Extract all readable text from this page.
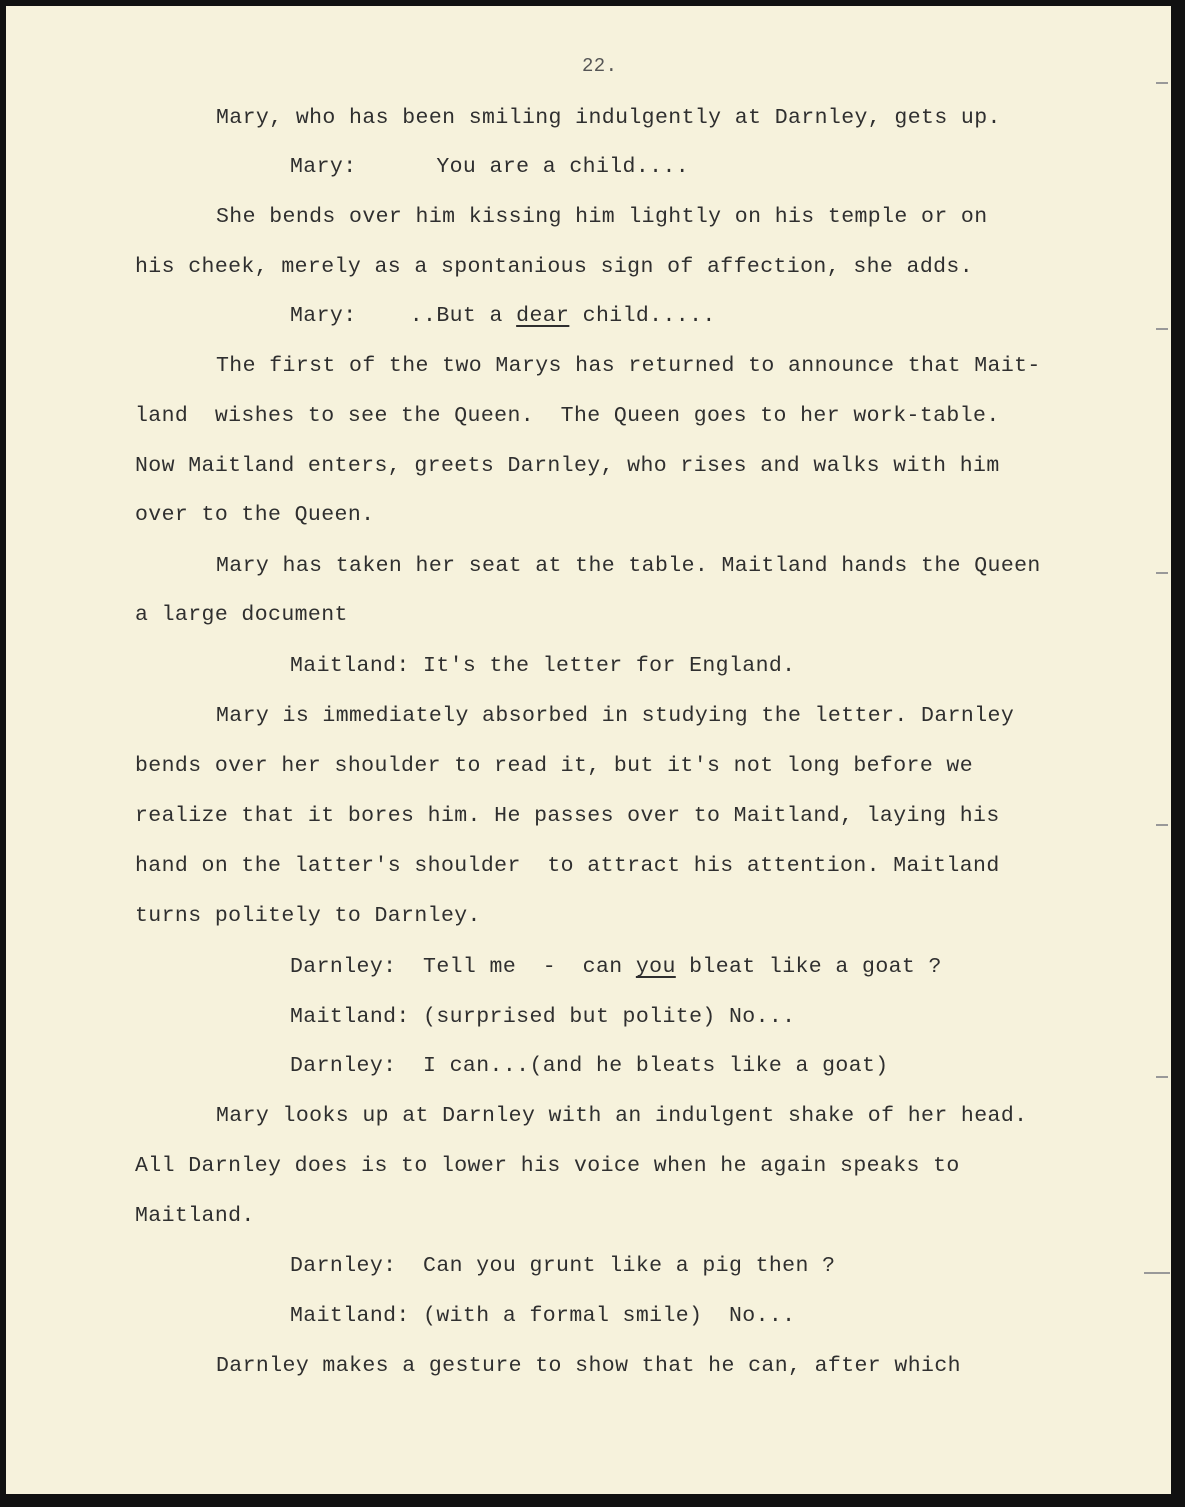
22.
Mary, who has been smiling indulgently at Darnley, gets up.
Mary:      You are a child....
She bends over him kissing him lightly on his temple or on
his cheek, merely as a spontanious sign of affection, she adds.
Mary:    ..But a dear child.....
The first of the two Marys has returned to announce that Mait-
land  wishes to see the Queen.  The Queen goes to her work-table.
Now Maitland enters, greets Darnley, who rises and walks with him
over to the Queen.
Mary has taken her seat at the table. Maitland hands the Queen
a large document
Maitland: It's the letter for England.
Mary is immediately absorbed in studying the letter. Darnley
bends over her shoulder to read it, but it's not long before we
realize that it bores him. He passes over to Maitland, laying his
hand on the latter's shoulder  to attract his attention. Maitland
turns politely to Darnley.
Darnley:  Tell me  -  can you bleat like a goat ?
Maitland: (surprised but polite) No...
Darnley:  I can...(and he bleats like a goat)
Mary looks up at Darnley with an indulgent shake of her head.
All Darnley does is to lower his voice when he again speaks to
Maitland.
Darnley:  Can you grunt like a pig then ?
Maitland: (with a formal smile)  No...
Darnley makes a gesture to show that he can, after which
